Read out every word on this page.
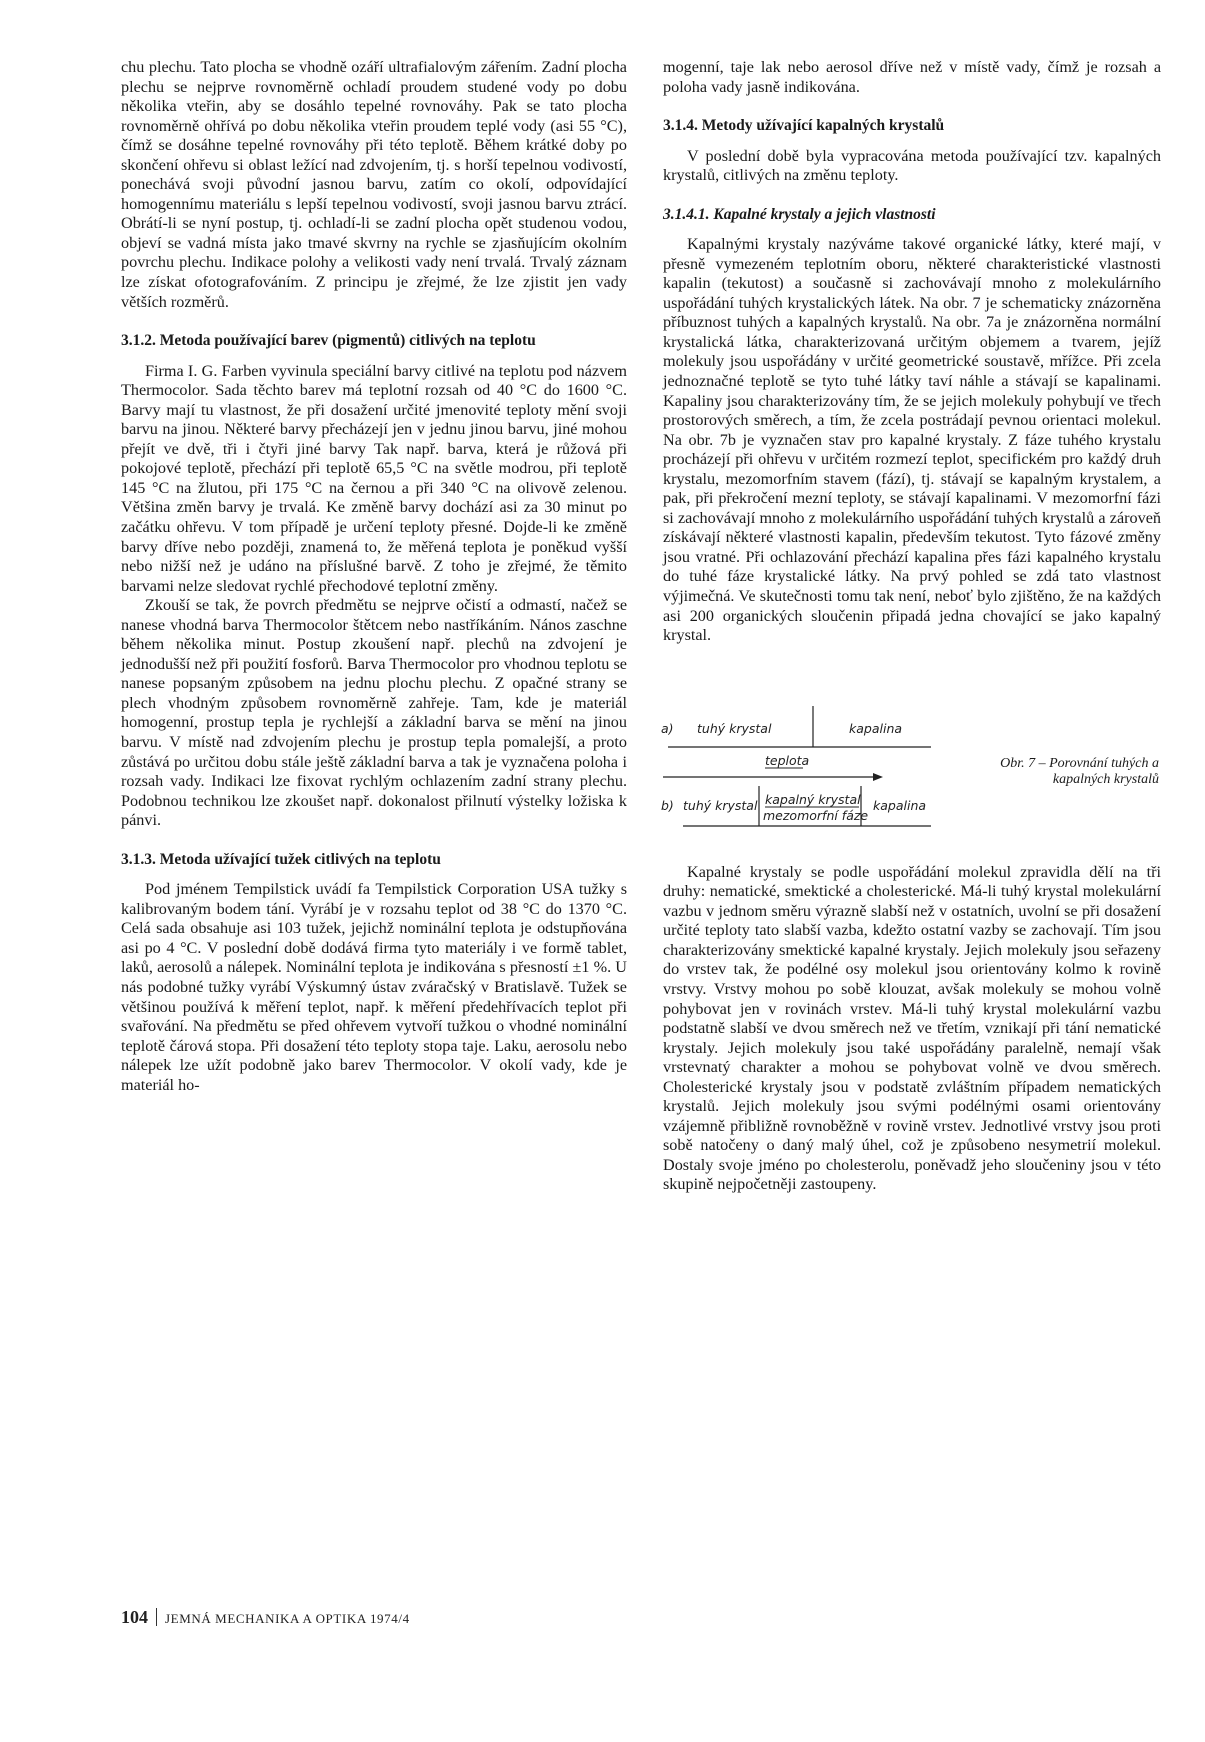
chu plechu. Tato plocha se vhodně ozáří ultrafialovým zářením. Zadní plocha plechu se nejprve rovnoměrně ochladí proudem studené vody po dobu několika vteřin, aby se dosáhlo tepelné rovnováhy. Pak se tato plocha rovnoměrně ohřívá po dobu několika vteřin proudem teplé vody (asi 55 °C), čímž se dosáhne tepelné rovnováhy při této teplotě. Během krátké doby po skončení ohřevu si oblast ležící nad zdvojením, tj. s horší tepelnou vodivostí, ponechává svoji původní jasnou barvu, zatím co okolí, odpovídající homogennímu materiálu s lepší tepelnou vodivostí, svoji jasnou barvu ztrácí. Obrátí-li se nyní postup, tj. ochladí-li se zadní plocha opět studenou vodou, objeví se vadná místa jako tmavé skvrny na rychle se zjasňujícím okolním povrchu plechu. Indikace polohy a velikosti vady není trvalá. Trvalý záznam lze získat ofotografováním. Z principu je zřejmé, že lze zjistit jen vady větších rozměrů.

3.1.2. Metoda používající barev (pigmentů) citlivých na teplotu

Firma I. G. Farben vyvinula speciální barvy citlivé na teplotu pod názvem Thermocolor. Sada těchto barev má teplotní rozsah od 40 °C do 1600 °C. Barvy mají tu vlastnost, že při dosažení určité jmenovité teploty mění svoji barvu na jinou. Některé barvy přecházejí jen v jednu jinou barvu, jiné mohou přejít ve dvě, tři i čtyři jiné barvy Tak např. barva, která je růžová při pokojové teplotě, přechází při teplotě 65,5 °C na světle modrou, při teplotě 145 °C na žlutou, při 175 °C na černou a při 340 °C na olivově zelenou. Většina změn barvy je trvalá. Ke změně barvy dochází asi za 30 minut po začátku ohřevu. V tom případě je určení teploty přesné. Dojde-li ke změně barvy dříve nebo později, znamená to, že měřená teplota je poněkud vyšší nebo nižší než je udáno na příslušné barvě. Z toho je zřejmé, že těmito barvami nelze sledovat rychlé přechodové teplotní změny.

Zkouší se tak, že povrch předmětu se nejprve očistí a odmastí, načež se nanese vhodná barva Thermocolor štětcem nebo nastříkáním. Nános zaschne během několika minut. Postup zkoušení např. plechů na zdvojení je jednodušší než při použití fosforů. Barva Thermocolor pro vhodnou teplotu se nanese popsaným způsobem na jednu plochu plechu. Z opačné strany se plech vhodným způsobem rovnoměrně zahřeje. Tam, kde je materiál homogenní, prostup tepla je rychlejší a základní barva se mění na jinou barvu. V místě nad zdvojením plechu je prostup tepla pomalejší, a proto zůstává po určitou dobu stále ještě základní barva a tak je vyznačena poloha i rozsah vady. Indikaci lze fixovat rychlým ochlazením zadní strany plechu. Podobnou technikou lze zkoušet např. dokonalost přilnutí výstelky ložiska k pánvi.

3.1.3. Metoda užívající tužek citlivých na teplotu

Pod jménem Tempilstick uvádí fa Tempilstick Corporation USA tužky s kalibrovaným bodem tání. Vyrábí je v rozsahu teplot od 38 °C do 1370 °C. Celá sada obsahuje asi 103 tužek, jejichž nominální teplota je odstupňována asi po 4 °C. V poslední době dodává firma tyto materiály i ve formě tablet, laků, aerosolů a nálepek. Nominální teplota je indikována s přesností ±1 %. U nás podobné tužky vyrábí Výskumný ústav zváračský v Bratislavě. Tužek se většinou používá k měření teplot, např. k měření předehřívacích teplot při svařování. Na předmětu se před ohřevem vytvoří tužkou o vhodné nominální teplotě čárová stopa. Při dosažení této teploty stopa taje. Laku, aerosolu nebo nálepek lze užít podobně jako barev Thermocolor. V okolí vady, kde je materiál ho-

mogenní, taje lak nebo aerosol dříve než v místě vady, čímž je rozsah a poloha vady jasně indikována.

3.1.4. Metody užívající kapalných krystalů

V poslední době byla vypracována metoda používající tzv. kapalných krystalů, citlivých na změnu teploty.

3.1.4.1. Kapalné krystaly a jejich vlastnosti

Kapalnými krystaly nazýváme takové organické látky, které mají, v přesně vymezeném teplotním oboru, některé charakteristické vlastnosti kapalin (tekutost) a současně si zachovávají mnoho z molekulárního uspořádání tuhých krystalických látek. Na obr. 7 je schematicky znázorněna příbuznost tuhých a kapalných krystalů. Na obr. 7a je znázorněna normální krystalická látka, charakterizovaná určitým objemem a tvarem, jejíž molekuly jsou uspořádány v určité geometrické soustavě, mřížce. Při zcela jednoznačné teplotě se tyto tuhé látky taví náhle a stávají se kapalinami. Kapaliny jsou charakterizovány tím, že se jejich molekuly pohybují ve třech prostorových směrech, a tím, že zcela postrádají pevnou orientaci molekul. Na obr. 7b je vyznačen stav pro kapalné krystaly. Z fáze tuhého krystalu procházejí při ohřevu v určitém rozmezí teplot, specifickém pro každý druh krystalu, mezomorfním stavem (fází), tj. stávají se kapalným krystalem, a pak, při překročení mezní teploty, se stávají kapalinami. V mezomorfní fázi si zachovávají mnoho z molekulárního uspořádání tuhých krystalů a zároveň získávají některé vlastnosti kapalin, především tekutost. Tyto fázové změny jsou vratné. Při ochlazování přechází kapalina přes fázi kapalného krystalu do tuhé fáze krystalické látky. Na prvý pohled se zdá tato vlastnost výjimečná. Ve skutečnosti tomu tak není, neboť bylo zjištěno, že na každých asi 200 organických sloučenin připadá jedna chovající se jako kapalný krystal.

a) tuhý krystal	kapalina
teplota
b) tuhý krystal kapalný krystal
mezomorfní fáze
kapalina
Obr. 7 – Porovnání tuhých a kapalných krystalů

Kapalné krystaly se podle uspořádání molekul zpravidla dělí na tři druhy: nematické, smektické a cholesterické. Má-li tuhý krystal molekulární vazbu v jednom směru výrazně slabší než v ostatních, uvolní se při dosažení určité teploty tato slabší vazba, kdežto ostatní vazby se zachovají. Tím jsou charakterizovány smektické kapalné krystaly. Jejich molekuly jsou seřazeny do vrstev tak, že podélné osy molekul jsou orientovány kolmo k rovině vrstvy. Vrstvy mohou po sobě klouzat, avšak molekuly se mohou volně pohybovat jen v rovinách vrstev. Má-li tuhý krystal molekulární vazbu podstatně slabší ve dvou směrech než ve třetím, vznikají při tání nematické krystaly. Jejich molekuly jsou také uspořádány paralelně, nemají však vrstevnatý charakter a mohou se pohybovat volně ve dvou směrech. Cholesterické krystaly jsou v podstatě zvláštním případem nematických krystalů. Jejich molekuly jsou svými podélnými osami orientovány vzájemně přibližně rovnoběžně v rovině vrstev. Jednotlivé vrstvy jsou proti sobě natočeny o daný malý úhel, což je způsobeno nesymetrií molekul. Dostaly svoje jméno po cholesterolu, poněvadž jeho sloučeniny jsou v této skupině nejpočetněji zastoupeny.

104 JEMNÁ MECHANIKA A OPTIKA 1974/4
